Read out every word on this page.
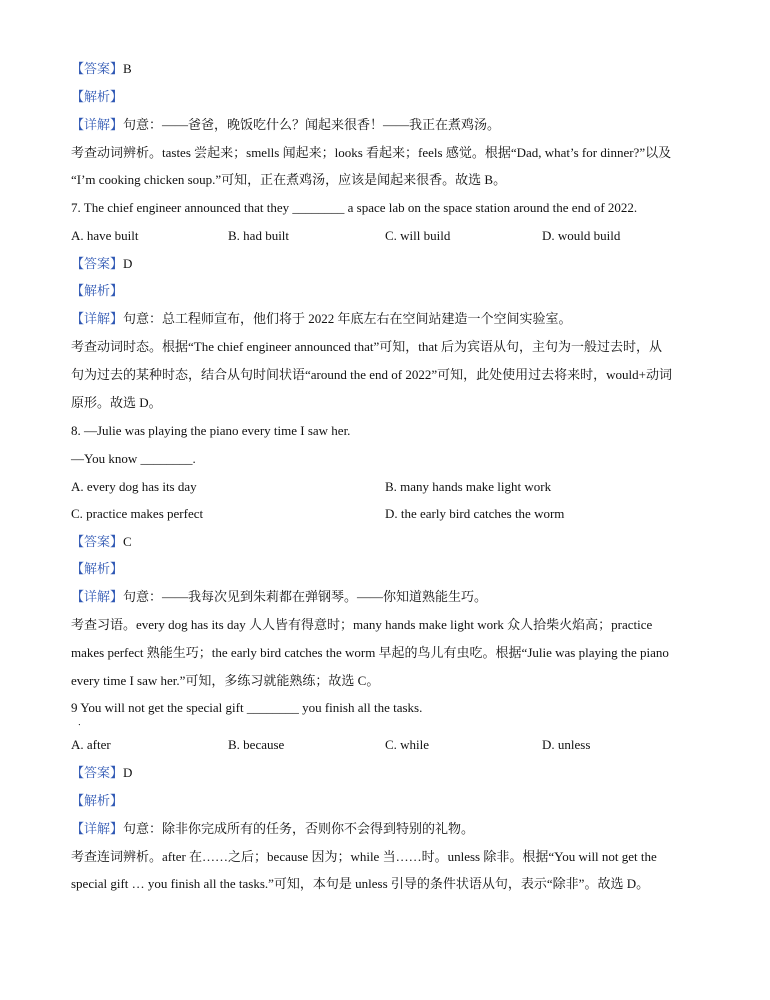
【答案】B
【解析】
【详解】句意：——爸爸，晚饭吃什么？闻起来很香！——我正在煮鸡汤。
考查动词辨析。tastes 尝起来；smells 闻起来；looks 看起来；feels 感觉。根据“Dad, what’s for dinner?”以及
“I’m cooking chicken soup.”可知，正在煮鸡汤，应该是闻起来很香。故选 B。
7. The chief engineer announced that they ________ a space lab on the space station around the end of 2022.
A. have built	B. had built	C. will build	D. would build
【答案】D
【解析】
【详解】句意：总工程师宣布，他们将于 2022 年底左右在空间站建造一个空间实验室。
考查动词时态。根据“The chief engineer announced that”可知，that 后为宾语从句，主句为一般过去时，从
句为过去的某种时态，结合从句时间状语“around the end of 2022”可知，此处使用过去将来时，would+动词
原形。故选 D。
8. —Julie was playing the piano every time I saw her.
—You know ________.
A. every dog has its day	B. many hands make light work
C. practice makes perfect	D. the early bird catches the worm
【答案】C
【解析】
【详解】句意：——我每次见到朱莉都在弹钢琴。——你知道熟能生巧。
考查习语。every dog has its day 人人皆有得意时；many hands make light work 众人拾柴火焰高；practice
makes perfect 熟能生巧；the early bird catches the worm 早起的鸟儿有虫吃。根据“Julie was playing the piano
every time I saw her.”可知，多练习就能熟练；故选 C。
9 You will not get the special gift ________ you finish all the tasks.
．
A. after	B. because	C. while	D. unless
【答案】D
【解析】
【详解】句意：除非你完成所有的任务，否则你不会得到特别的礼物。
考查连词辨析。after 在……之后；because 因为；while 当……时。unless 除非。根据“You will not get the
special gift … you finish all the tasks.”可知，本句是 unless 引导的条件状语从句，表示“除非”。故选 D。
